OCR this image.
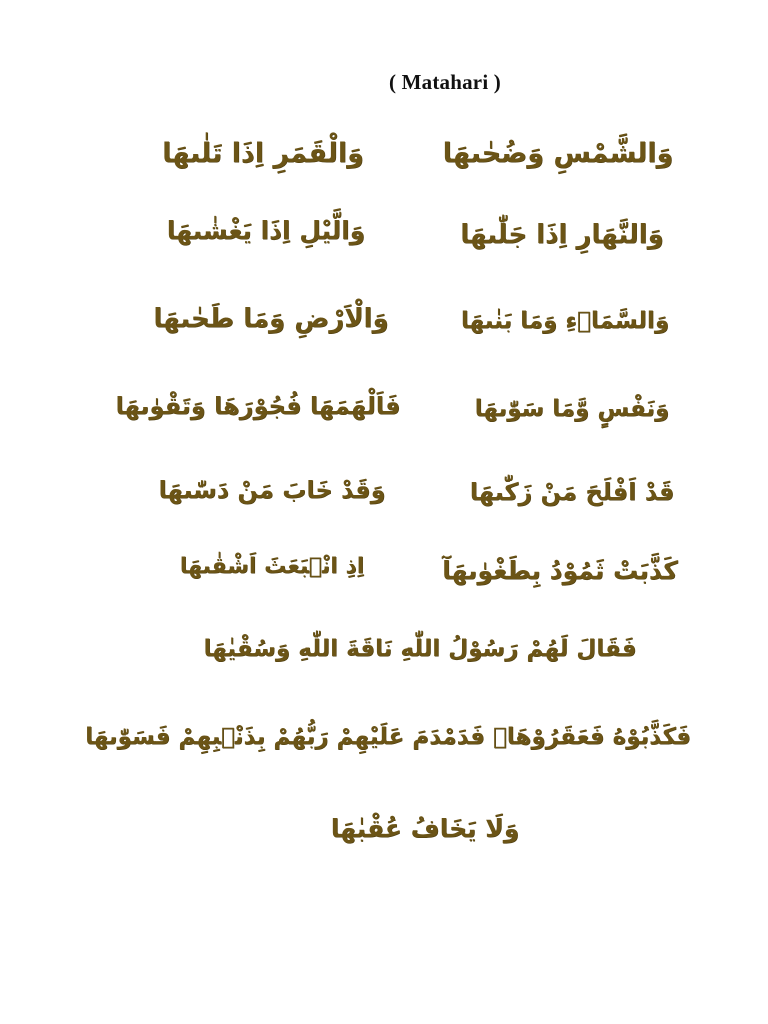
( Matahari )
وَالشَّمْسِ وَضُحٰىهَا
وَالْقَمَرِ اِذَا تَلٰىهَا
وَالنَّهَارِ اِذَا جَلّٰىهَا
وَالَّيْلِ اِذَا يَغْشٰىهَا
وَالسَّمَاۤءِ وَمَا بَنٰىهَا
وَالْاَرْضِ وَمَا طَحٰىهَا
وَنَفْسٍ وَّمَا سَوّٰىهَا
فَاَلْهَمَهَا فُجُوْرَهَا وَتَقْوٰىهَا
قَدْ اَفْلَحَ مَنْ زَكّٰىهَا
وَقَدْ خَابَ مَنْ دَسّٰىهَا
كَذَّبَتْ ثَمُوْدُ بِطَغْوٰىهَآ
اِذِ انْۢبَعَثَ اَشْقٰىهَا
فَقَالَ لَهُمْ رَسُوْلُ اللّٰهِ نَاقَةَ اللّٰهِ وَسُقْيٰهَا
فَكَذَّبُوْهُ فَعَقَرُوْهَاۖ فَدَمْدَمَ عَلَيْهِمْ رَبُّهُمْ بِذَنْۢبِهِمْ فَسَوّٰىهَا
وَلَا يَخَافُ عُقْبٰهَا
